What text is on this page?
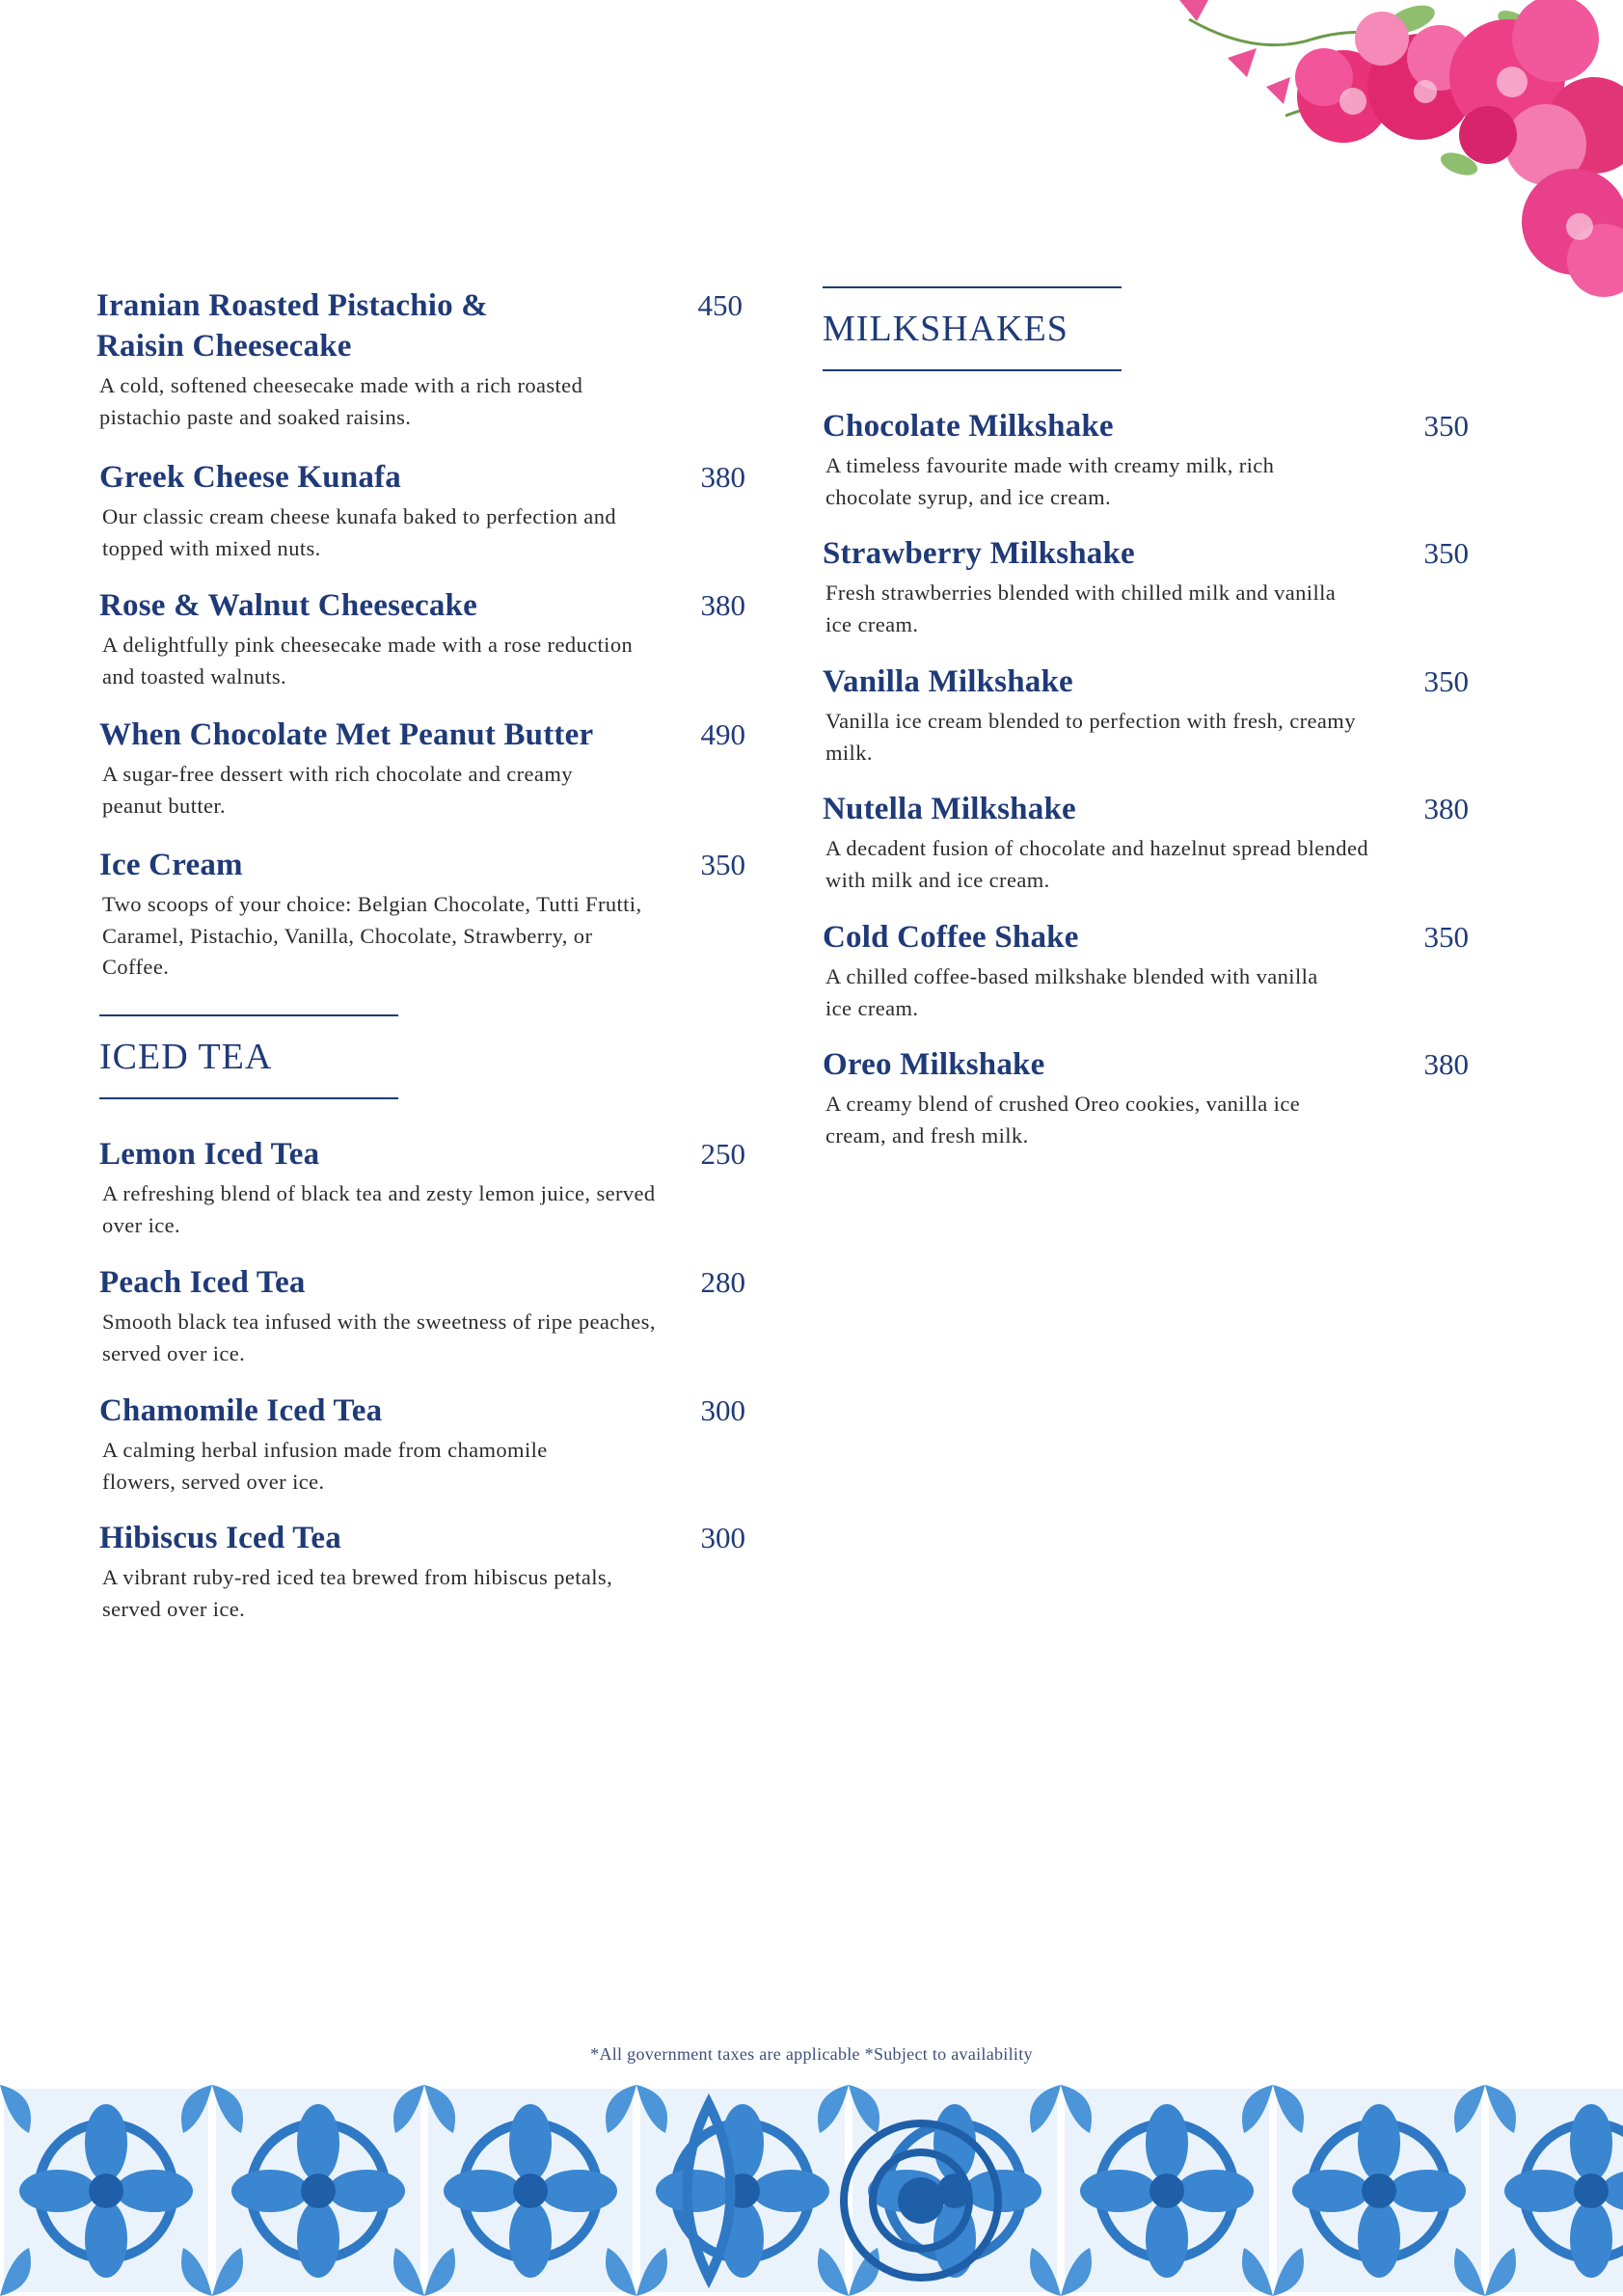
Iranian Roasted Pistachio & Raisin Cheesecake
450
A cold, softened cheesecake made with a rich roasted pistachio paste and soaked raisins.
Greek Cheese Kunafa	380
Our classic cream cheese kunafa baked to perfection and topped with mixed nuts.
Rose & Walnut Cheesecake	380
A delightfully pink cheesecake made with a rose reduction and toasted walnuts.
When Chocolate Met Peanut Butter	490
A sugar-free dessert with rich chocolate and creamy peanut butter.
Ice Cream	350
Two scoops of your choice: Belgian Chocolate, Tutti Frutti, Caramel, Pistachio, Vanilla, Chocolate, Strawberry, or Coffee.
ICED TEA
Lemon Iced Tea	250
A refreshing blend of black tea and zesty lemon juice, served over ice.
Peach Iced Tea	280
Smooth black tea infused with the sweetness of ripe peaches, served over ice.
Chamomile Iced Tea	300
A calming herbal infusion made from chamomile flowers, served over ice.
Hibiscus Iced Tea	300
A vibrant ruby-red iced tea brewed from hibiscus petals, served over ice.
MILKSHAKES
Chocolate Milkshake	350
A timeless favourite made with creamy milk, rich chocolate syrup, and ice cream.
Strawberry Milkshake	350
Fresh strawberries blended with chilled milk and vanilla ice cream.
Vanilla Milkshake	350
Vanilla ice cream blended to perfection with fresh, creamy milk.
Nutella Milkshake	380
A decadent fusion of chocolate and hazelnut spread blended with milk and ice cream.
Cold Coffee Shake	350
A chilled coffee-based milkshake blended with vanilla ice cream.
Oreo Milkshake	380
A creamy blend of crushed Oreo cookies, vanilla ice cream, and fresh milk.
*All government taxes are applicable *Subject to availability
